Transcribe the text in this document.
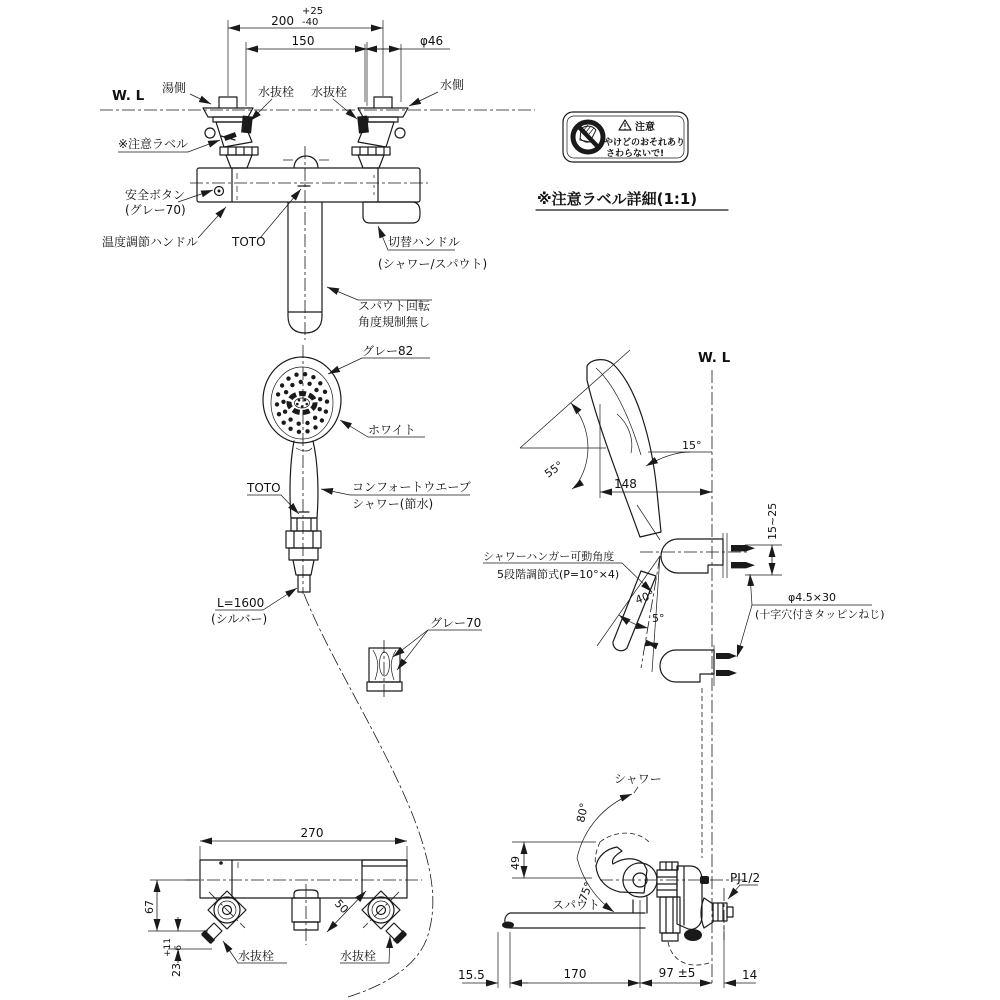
W. L
+25
200 -40
150	φ46
湯側	水抜栓 水抜栓	水側
※注意ラベル
安全ボタン
(グレー70)
温度調節ハンドル	TOTO	切替ハンドル
(シャワー/スパウト)
スパウト回転
角度規制無し
注意
やけどのおそれあり
さわらないで!
※注意ラベル詳細(1:1)
グレー82
ホワイト
TOTO	コンフォートウエーブ
シャワー(節水)
L=1600
(シルバー)	グレー70
W. L
55°
15°
148
15~25
シャワーハンガー可動角度
5段階調節式(P=10°×4)
40°
5°
φ4.5×30
(十字穴付きタッピンねじ)
80°
75°
シャワー
スパウト
PJ1/2
49
15.5	170	97 ±5	14
270
67
23
+11 -6
50
水抜栓	水抜栓
